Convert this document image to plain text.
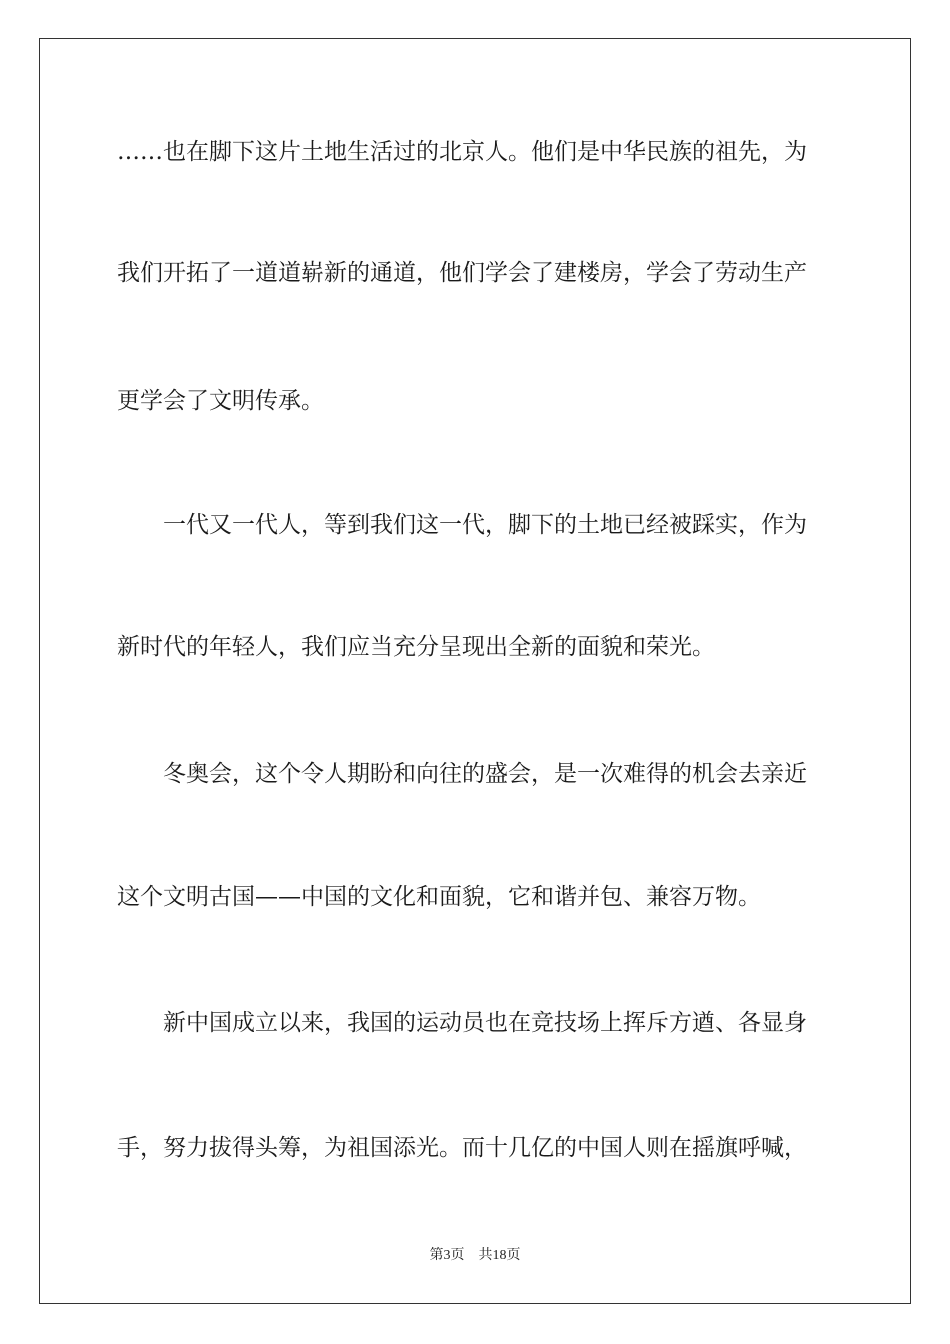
……也在脚下这片土地生活过的北京人。他们是中华民族的祖先，为
我们开拓了一道道崭新的通道，他们学会了建楼房，学会了劳动生产
更学会了文明传承。
一代又一代人，等到我们这一代，脚下的土地已经被踩实，作为
新时代的年轻人，我们应当充分呈现出全新的面貌和荣光。
冬奥会，这个令人期盼和向往的盛会，是一次难得的机会去亲近
这个文明古国——中国的文化和面貌，它和谐并包、兼容万物。
新中国成立以来，我国的运动员也在竞技场上挥斥方遒、各显身
手，努力拔得头筹，为祖国添光。而十几亿的中国人则在摇旗呼喊，
第3页 共18页
